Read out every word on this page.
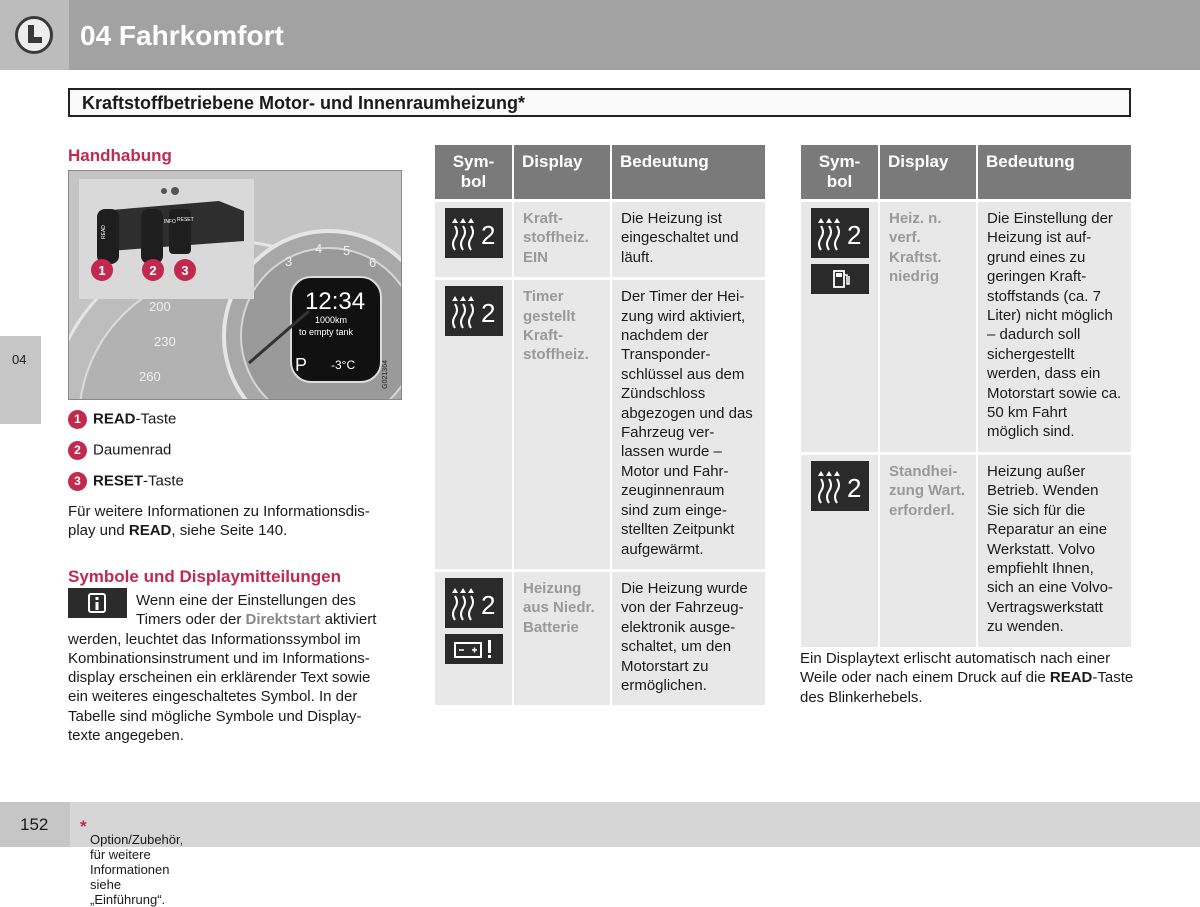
04 Fahrkomfort
Kraftstoffbetriebene Motor- und Innenraumheizung*
04
Handhabung
READ
INFO RESET
200
230
260
3
4 5
6
12:34
1000km
to empty tank
P -3°C
1	2 3
G021364
1 READ-Taste
2 Daumenrad
3 RESET-Taste
Für weitere Informationen zu Informationsdis-
play und READ, siehe Seite 140.
Symbole und Displaymitteilungen
Wenn eine der Einstellungen des
Timers oder der Direktstart aktiviert
werden, leuchtet das Informationssymbol im
Kombinationsinstrument und im Informations-
display erscheinen ein erklärender Text sowie
ein weiteres eingeschaltetes Symbol. In der
Tabelle sind mögliche Symbole und Display-
texte angegeben.
Sym-bol	Display	Bedeutung

2	Kraft-stoffheiz. EIN	Die Heizung ist eingeschaltet und läuft.

2	Timer gestellt Kraft-stoffheiz.	Der Timer der Hei-zung wird aktiviert, nachdem der Transponder-schlüssel aus dem Zündschloss abgezogen und das Fahrzeug ver-lassen wurde – Motor und Fahr-zeuginnenraum sind zum einge-stellten Zeitpunkt aufgewärmt.

2	Heizung aus Niedr. Batterie	Die Heizung wurde von der Fahrzeug-elektronik ausge-schaltet, um den Motorstart zu ermöglichen.
Sym-bol	Display	Bedeutung

2	Heiz. n. verf. Kraftst. niedrig	Die Einstellung der Heizung ist auf-grund eines zu geringen Kraft-stoffstands (ca. 7 Liter) nicht möglich – dadurch soll sichergestellt werden, dass ein Motorstart sowie ca. 50 km Fahrt möglich sind.

2	Standhei-zung Wart. erforderl.	Heizung außer Betrieb. Wenden Sie sich für die Reparatur an eine Werkstatt. Volvo empfiehlt Ihnen, sich an eine Volvo-Vertragswerkstatt zu wenden.
Ein Displaytext erlischt automatisch nach einer Weile oder nach einem Druck auf die READ-Taste des Blinkerhebels.
152 *
Option/Zubehör, für weitere Informationen siehe „Einführung“.
